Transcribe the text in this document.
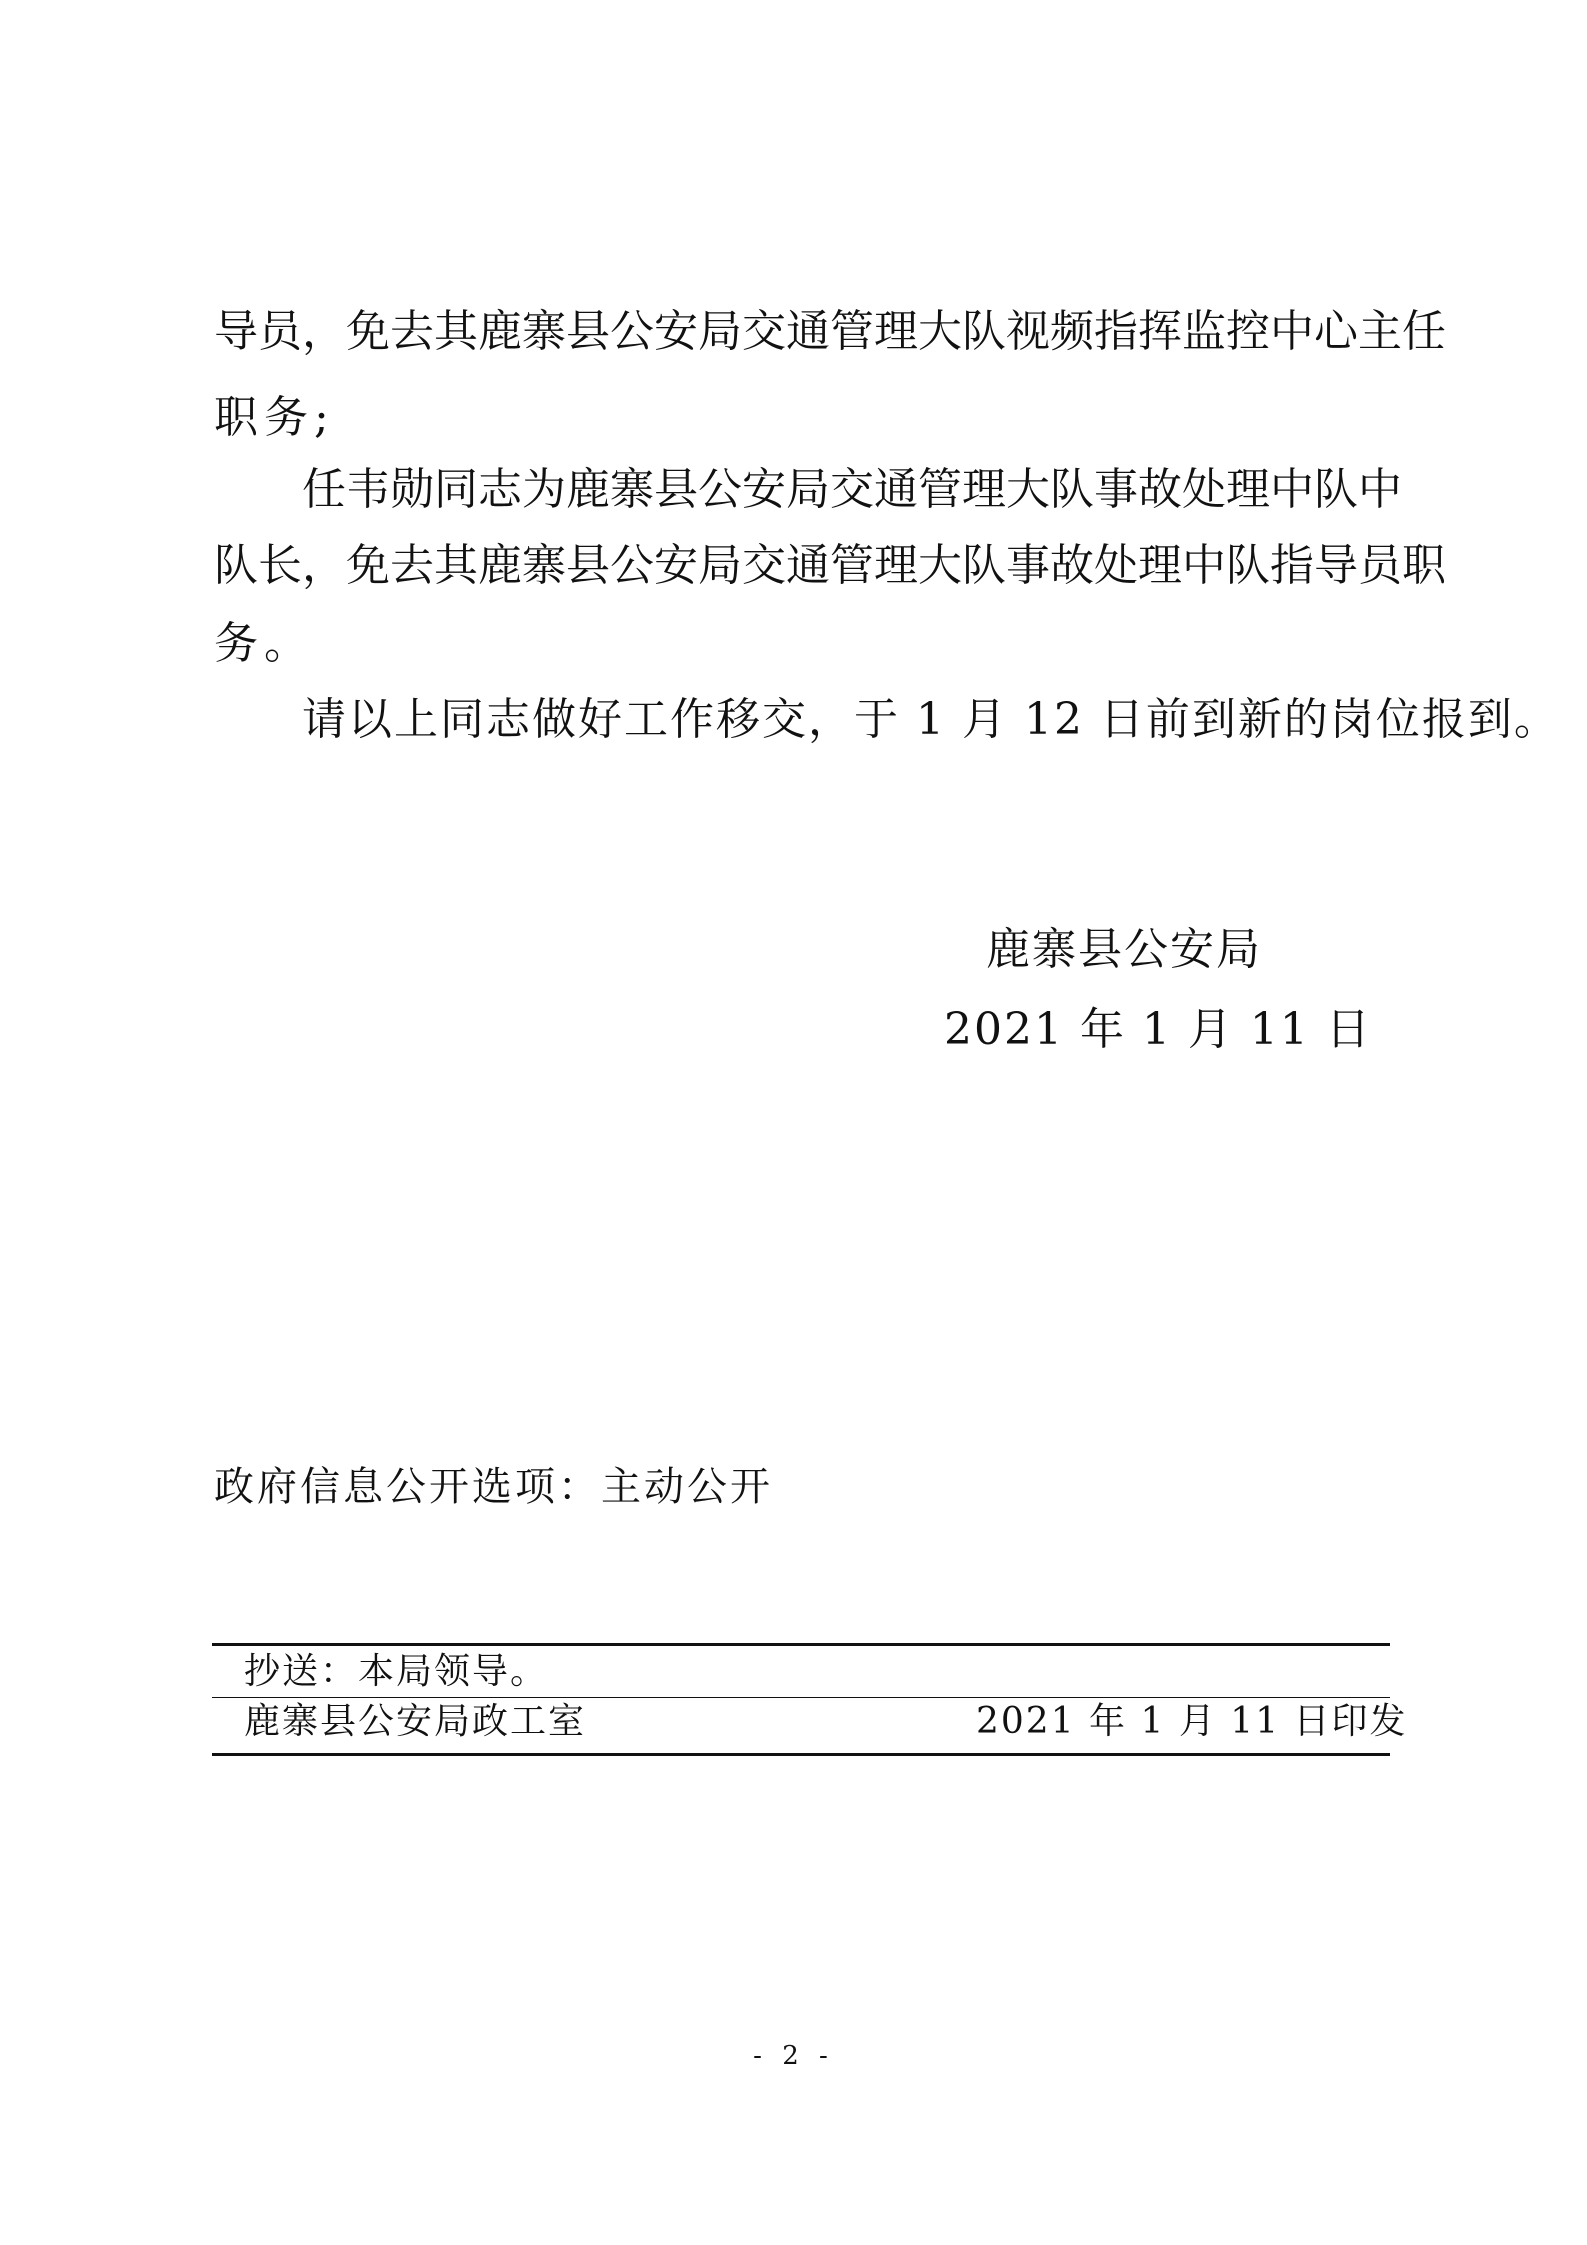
导员，免去其鹿寨县公安局交通管理大队视频指挥监控中心主任
职务;
任韦勋同志为鹿寨县公安局交通管理大队事故处理中队中
队长，免去其鹿寨县公安局交通管理大队事故处理中队指导员职
务。
请以上同志做好工作移交，于 1 月 12 日前到新的岗位报到。
鹿寨县公安局
2021 年 1 月 11 日
政府信息公开选项：主动公开
抄送：本局领导。
鹿寨县公安局政工室	2021 年 1 月 11 日印发
- 2 -
